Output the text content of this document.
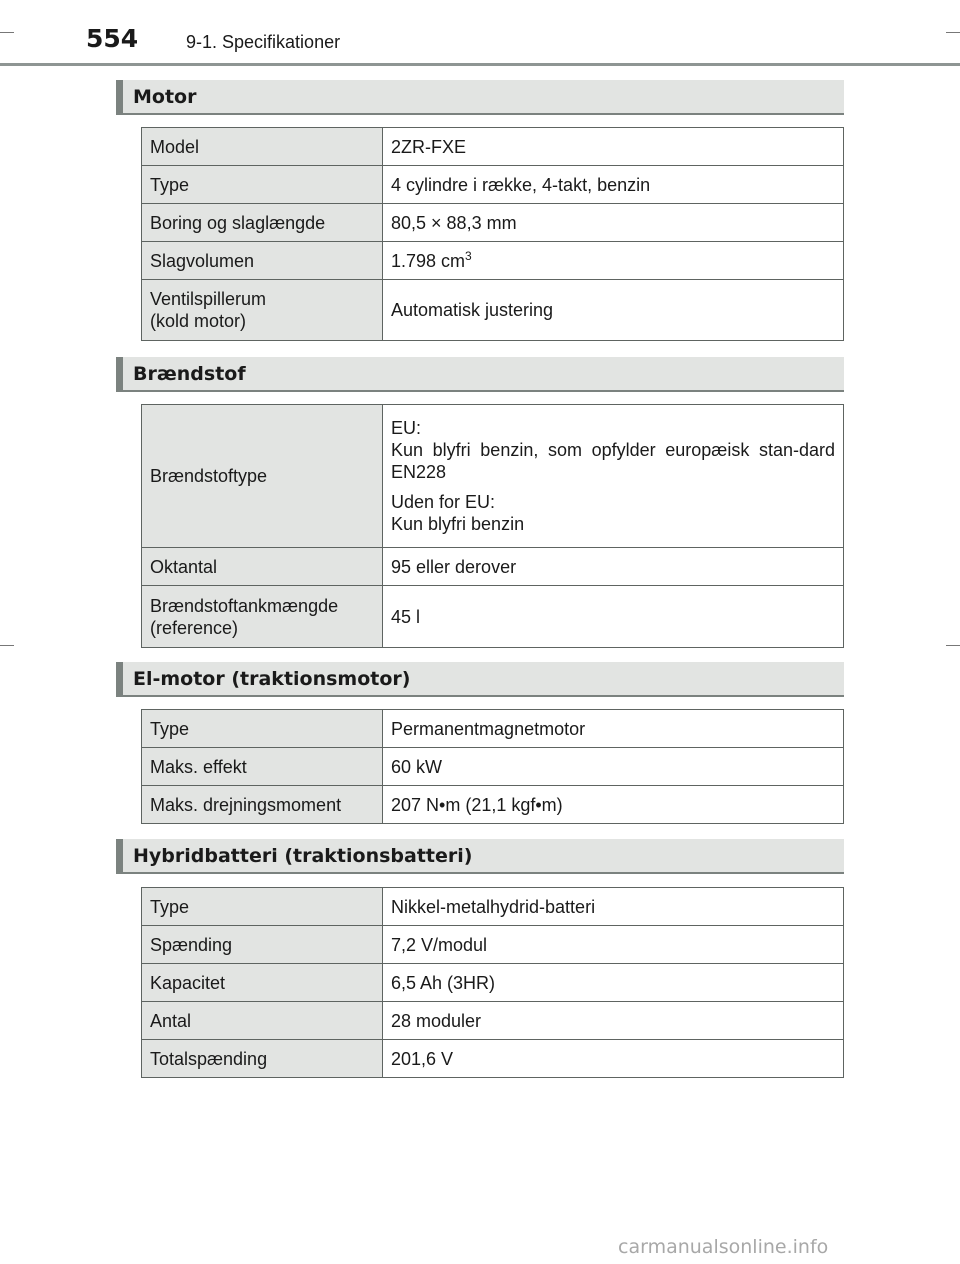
554	9-1. Specifikationer
Motor
Model	2ZR-FXE
Type	4 cylindre i række, 4-takt, benzin
Boring og slaglængde	80,5 × 88,3 mm
Slagvolumen	1.798 $cm^3$

Ventilspillerum
(kold motor)	Automatisk justering
Brændstof
Brændstoftype	EU:
Kun blyfri benzin, som opfylder europæisk stan-dard EN228
Uden for EU:
Kun blyfri benzin

Oktantal	95 eller derover

Brændstoftankmængde
(reference)	45 l
El-motor (traktionsmotor)
Type	Permanentmagnetmotor
Maks. effekt	60 kW
Maks. drejningsmoment	207 N•m (21,1 kgf•m)
Hybridbatteri (traktionsbatteri)
Type	Nikkel-metalhydrid-batteri
Spænding	7,2 V/modul
Kapacitet	6,5 Ah (3HR)
Antal	28 moduler
Totalspænding	201,6 V
carmanualsonline.info
